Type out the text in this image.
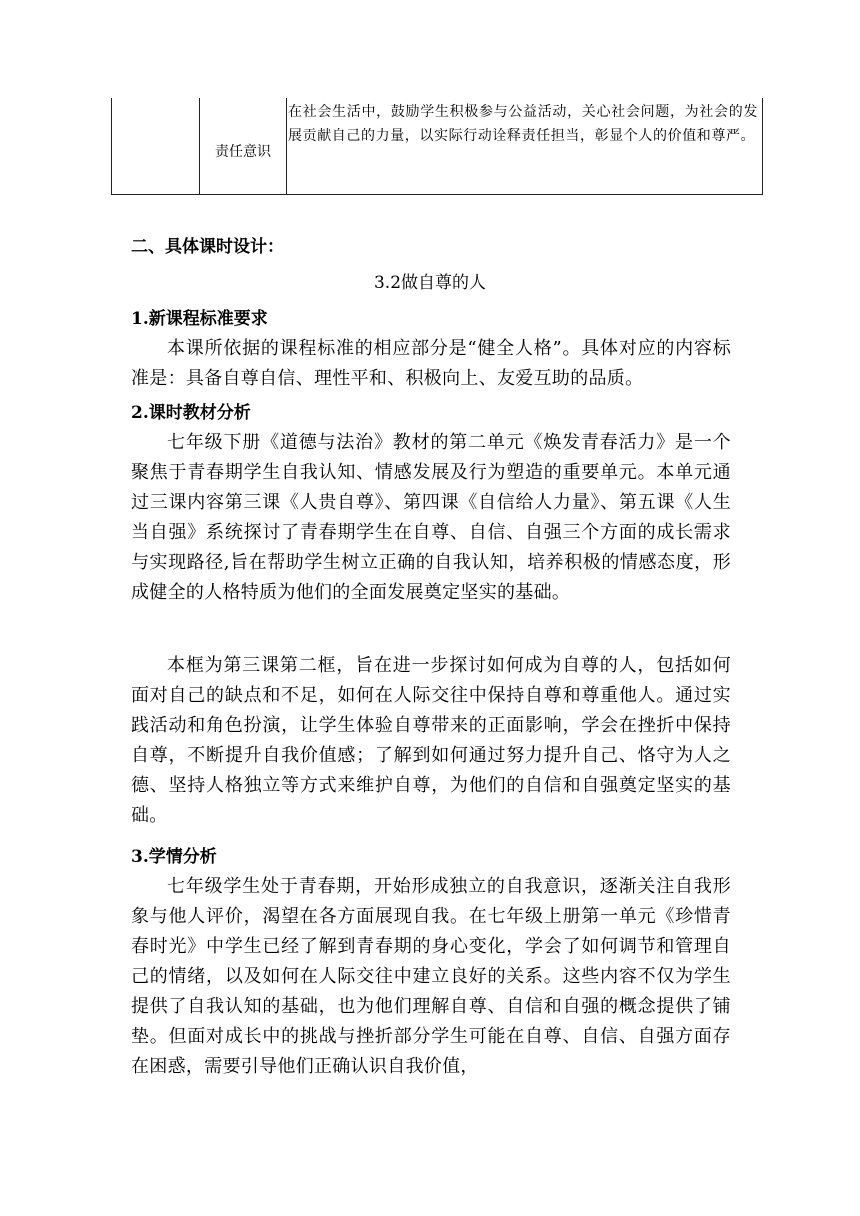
责任意识
在社会生活中，鼓励学生积极参与公益活动，关心社会问题，为社会的发展贡献自己的力量，以实际行动诠释责任担当，彰显个人的价值和尊严。
二、具体课时设计：
3.2做自尊的人
1.新课程标准要求
本课所依据的课程标准的相应部分是“健全人格”。具体对应的内容标准是：具备自尊自信、理性平和、积极向上、友爱互助的品质。
2.课时教材分析
七年级下册《道德与法治》教材的第二单元《焕发青春活力》是一个聚焦于青春期学生自我认知、情感发展及行为塑造的重要单元。本单元通过三课内容第三课《人贵自尊》、第四课《自信给人力量》、第五课《人生当自强》系统探讨了青春期学生在自尊、自信、自强三个方面的成长需求与实现路径,旨在帮助学生树立正确的自我认知，培养积极的情感态度，形成健全的人格特质为他们的全面发展奠定坚实的基础。
本框为第三课第二框，旨在进一步探讨如何成为自尊的人，包括如何面对自己的缺点和不足，如何在人际交往中保持自尊和尊重他人。通过实践活动和角色扮演，让学生体验自尊带来的正面影响，学会在挫折中保持自尊，不断提升自我价值感；了解到如何通过努力提升自己、恪守为人之德、坚持人格独立等方式来维护自尊，为他们的自信和自强奠定坚实的基础。
3.学情分析
七年级学生处于青春期，开始形成独立的自我意识，逐渐关注自我形象与他人评价，渴望在各方面展现自我。在七年级上册第一单元《珍惜青春时光》中学生已经了解到青春期的身心变化，学会了如何调节和管理自己的情绪，以及如何在人际交往中建立良好的关系。这些内容不仅为学生提供了自我认知的基础，也为他们理解自尊、自信和自强的概念提供了铺垫。但面对成长中的挑战与挫折部分学生可能在自尊、自信、自强方面存在困惑，需要引导他们正确认识自我价值，
